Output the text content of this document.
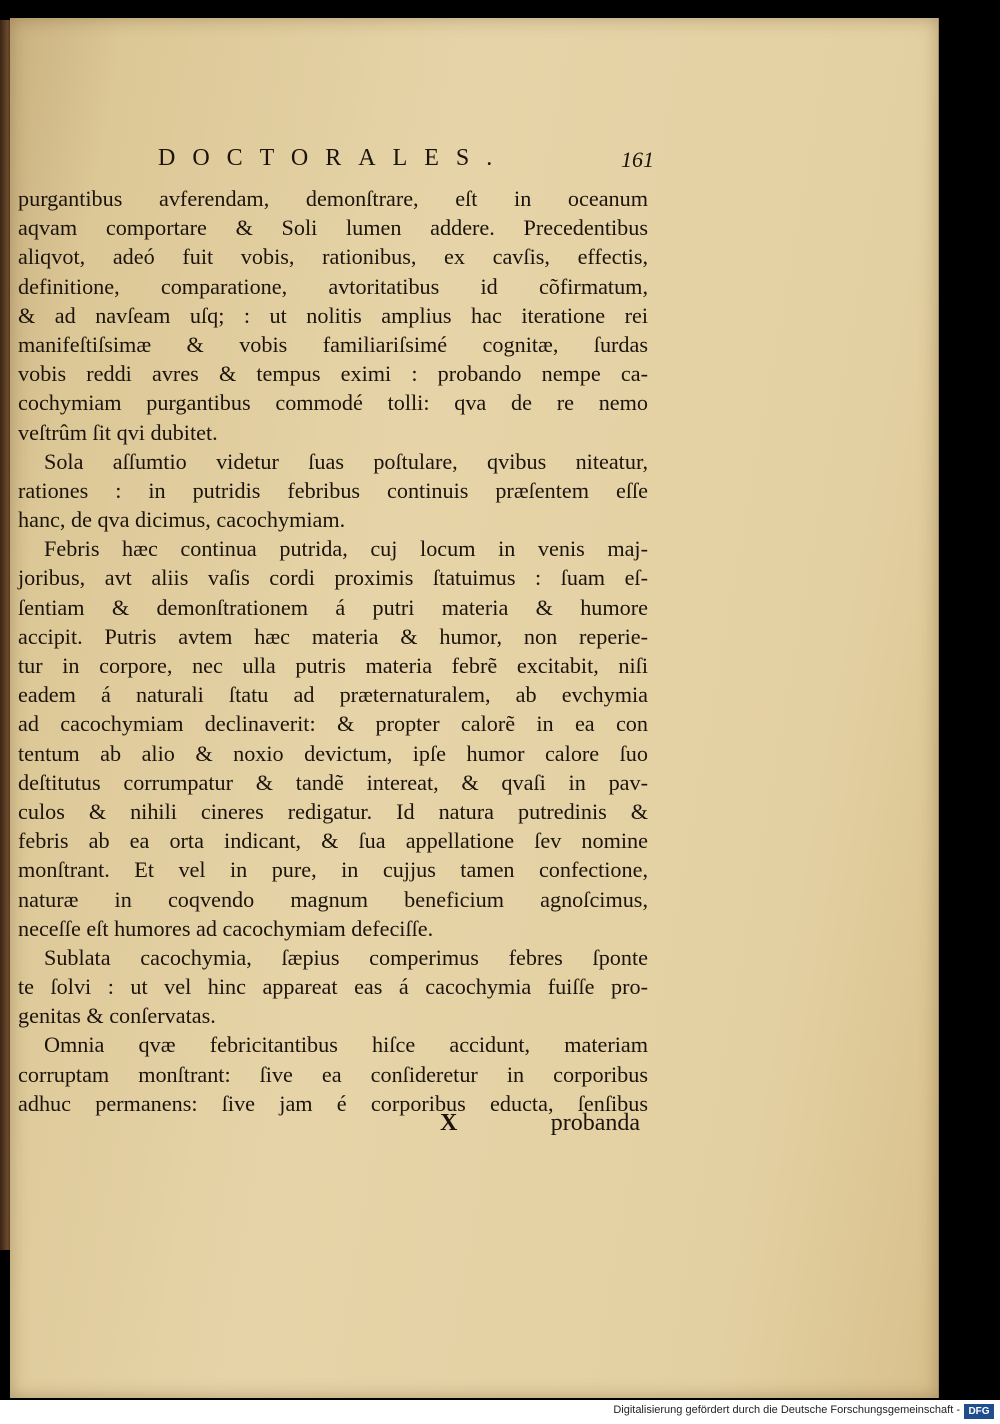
DOCTORALES.	161
purgantibus avferendam, demonſtrare, eſt in oceanum
aqvam comportare & Soli lumen addere. Precedentibus
aliqvot, adeó fuit vobis, rationibus, ex cavſis, effectis,
definitione, comparatione, avtoritatibus id cõfirmatum,
& ad navſeam uſq; : ut nolitis amplius hac iteratione rei
manifeſtiſsimæ & vobis familiariſsimé cognitæ, ſurdas
vobis reddi avres & tempus eximi : probando nempe ca-
cochymiam purgantibus commodé tolli: qva de re nemo
veſtrûm ſit qvi dubitet.
Sola aſſumtio videtur ſuas poſtulare, qvibus niteatur,
rationes : in putridis febribus continuis præſentem eſſe
hanc, de qva dicimus, cacochymiam.
Febris hæc continua putrida, cuj locum in venis maj-
joribus, avt aliis vaſis cordi proximis ſtatuimus : ſuam eſ-
ſentiam & demonſtrationem á putri materia & humore
accipit. Putris avtem hæc materia & humor, non reperie-
tur in corpore, nec ulla putris materia febrẽ excitabit, niſi
eadem á naturali ſtatu ad præternaturalem, ab evchymia
ad cacochymiam declinaverit: & propter calorẽ in ea con
tentum ab alio & noxio devictum, ipſe humor calore ſuo
deſtitutus corrumpatur & tandẽ intereat, & qvaſi in pav-
culos & nihili cineres redigatur. Id natura putredinis &
febris ab ea orta indicant, & ſua appellatione ſev nomine
monſtrant. Et vel in pure, in cujjus tamen confectione,
naturæ in coqvendo magnum beneficium agnoſcimus,
neceſſe eſt humores ad cacochymiam defeciſſe.
Sublata cacochymia, ſæpius comperimus febres ſponte
te ſolvi : ut vel hinc appareat eas á cacochymia fuiſſe pro-
genitas & conſervatas.
Omnia qvæ febricitantibus hiſce accidunt, materiam
corruptam monſtrant: ſive ea conſideretur in corporibus
adhuc permanens: ſive jam é corporibus educta, ſenſibus
X	probanda
Digitalisierung gefördert durch die Deutsche Forschungsgemeinschaft - DFG
